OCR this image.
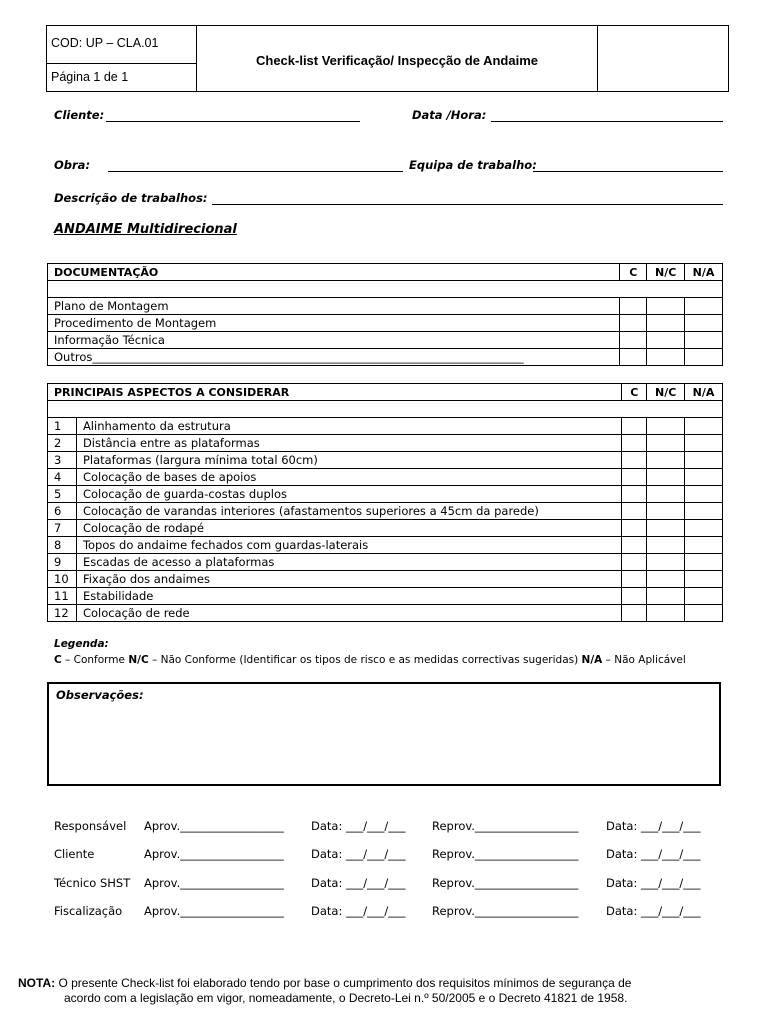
COD: UP – CLA.01
Página 1 de 1
Check-list Verificação/ Inspecção de Andaime
Cliente:	Data /Hora:
Obra:	Equipa de trabalho:
Descrição de trabalhos:
ANDAIME Multidirecional
DOCUMENTAÇÃO	C	N/C	N/A

Plano de Montagem			
Procedimento de Montagem			
Informação Técnica			
Outros___________________________________________________________________________			
PRINCIPAIS ASPECTOS A CONSIDERAR		C	N/C	N/A

1	Alinhamento da estrutura			
2	Distância entre as plataformas			
3	Plataformas (largura mínima total 60cm)			
4	Colocação de bases de apoios			
5	Colocação de guarda-costas duplos			
6	Colocação de varandas interiores (afastamentos superiores a 45cm da parede)			
7	Colocação de rodapé			
8	Topos do andaime fechados com guardas-laterais			
9	Escadas de acesso a plataformas			
10	Fixação dos andaimes			
11	Estabilidade			
12	Colocação de rede			
Legenda:
C – Conforme N/C – Não Conforme (Identificar os tipos de risco e as medidas correctivas sugeridas) N/A – Não Aplicável
Observações:
Responsável Aprov.__________________ Data: ___/___/___ Reprov.__________________ Data: ___/___/___
Cliente	Aprov.__________________ Data: ___/___/___ Reprov.__________________ Data: ___/___/___
Técnico SHST Aprov.__________________ Data: ___/___/___ Reprov.__________________ Data: ___/___/___
Fiscalização Aprov.__________________ Data: ___/___/___ Reprov.__________________ Data: ___/___/___
NOTA: O presente Check-list foi elaborado tendo por base o cumprimento dos requisitos mínimos de segurança de
acordo com a legislação em vigor, nomeadamente, o Decreto-Lei n.º 50/2005 e o Decreto 41821 de 1958.
